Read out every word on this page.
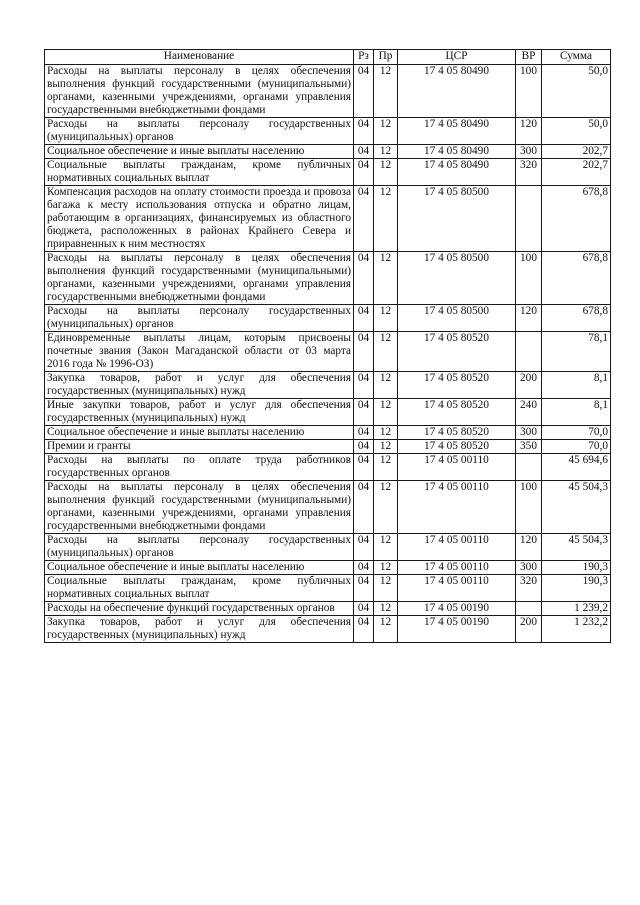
Наименование	Рз	Пр	ЦСР	ВР	Сумма
Расходы на выплаты персоналу в целях обеспечения выполнения функций государственными (муниципальными) органами, казенными учреждениями, органами управления государственными внебюджетными фондами	04	12	17 4 05 80490	100	50,0
Расходы на выплаты персоналу государственных (муниципальных) органов	04	12	17 4 05 80490	120	50,0
Социальное обеспечение и иные выплаты населению	04	12	17 4 05 80490	300	202,7
Социальные выплаты гражданам, кроме публичных нормативных социальных выплат	04	12	17 4 05 80490	320	202,7
Компенсация расходов на оплату стоимости проезда и провоза багажа к месту использования отпуска и обратно лицам, работающим в организациях, финансируемых из областного бюджета, расположенных в районах Крайнего Севера и приравненных к ним местностях	04	12	17 4 05 80500		678,8
Расходы на выплаты персоналу в целях обеспечения выполнения функций государственными (муниципальными) органами, казенными учреждениями, органами управления государственными внебюджетными фондами	04	12	17 4 05 80500	100	678,8
Расходы на выплаты персоналу государственных (муниципальных) органов	04	12	17 4 05 80500	120	678,8
Единовременные выплаты лицам, которым присвоены почетные звания (Закон Магаданской области от 03 марта 2016 года № 1996-ОЗ)	04	12	17 4 05 80520		78,1
Закупка товаров, работ и услуг для обеспечения государственных (муниципальных) нужд	04	12	17 4 05 80520	200	8,1
Иные закупки товаров, работ и услуг для обеспечения государственных (муниципальных) нужд	04	12	17 4 05 80520	240	8,1
Социальное обеспечение и иные выплаты населению	04	12	17 4 05 80520	300	70,0
Премии и гранты	04	12	17 4 05 80520	350	70,0
Расходы на выплаты по оплате труда работников государственных органов	04	12	17 4 05 00110		45 694,6
Расходы на выплаты персоналу в целях обеспечения выполнения функций государственными (муниципальными) органами, казенными учреждениями, органами управления государственными внебюджетными фондами	04	12	17 4 05 00110	100	45 504,3
Расходы на выплаты персоналу государственных (муниципальных) органов	04	12	17 4 05 00110	120	45 504,3
Социальное обеспечение и иные выплаты населению	04	12	17 4 05 00110	300	190,3
Социальные выплаты гражданам, кроме публичных нормативных социальных выплат	04	12	17 4 05 00110	320	190,3
Расходы на обеспечение функций государственных органов	04	12	17 4 05 00190		1 239,2
Закупка товаров, работ и услуг для обеспечения государственных (муниципальных) нужд	04	12	17 4 05 00190	200	1 232,2
